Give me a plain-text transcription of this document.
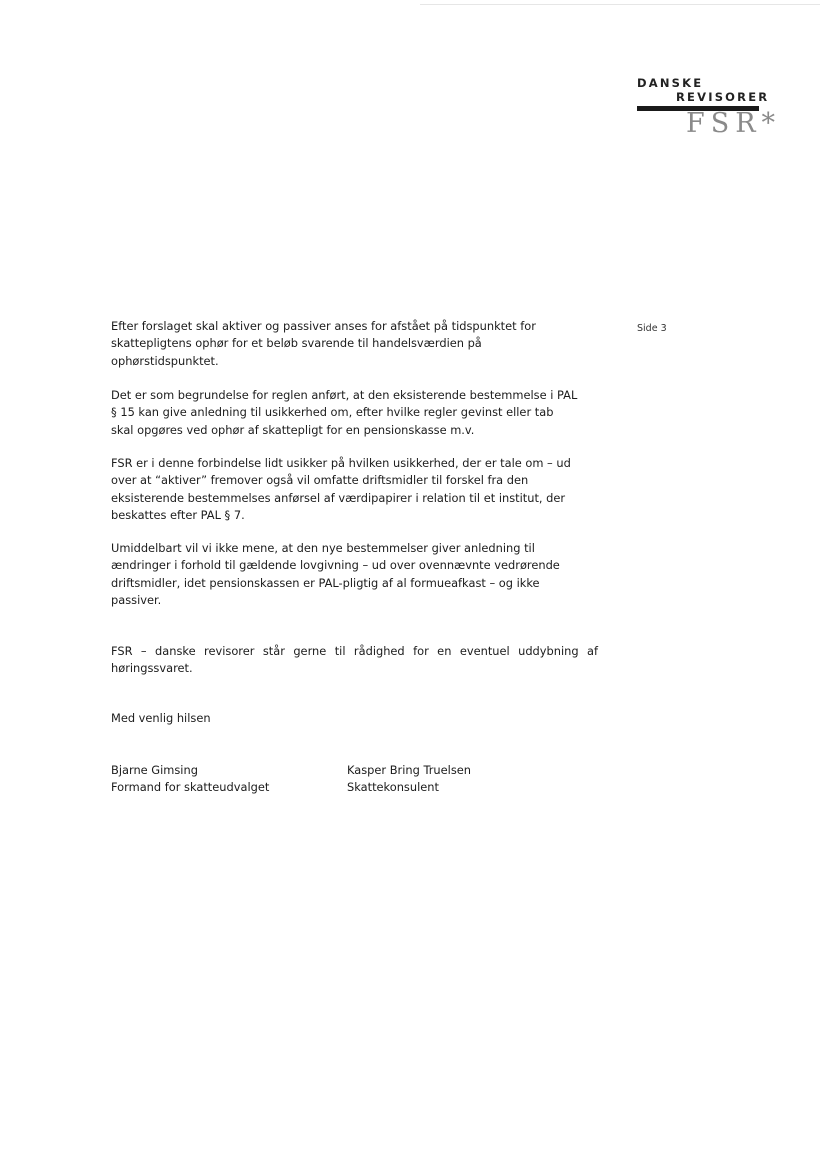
DANSKE
REVISORER
FSR*
Side 3
Efter forslaget skal aktiver og passiver anses for afstået på tidspunktet for
skattepligtens ophør for et beløb svarende til handelsværdien på
ophørstidspunktet.
Det er som begrundelse for reglen anført, at den eksisterende bestemmelse i PAL
§ 15 kan give anledning til usikkerhed om, efter hvilke regler gevinst eller tab
skal opgøres ved ophør af skattepligt for en pensionskasse m.v.
FSR er i denne forbindelse lidt usikker på hvilken usikkerhed, der er tale om – ud
over at “aktiver” fremover også vil omfatte driftsmidler til forskel fra den
eksisterende bestemmelses anførsel af værdipapirer i relation til et institut, der
beskattes efter PAL § 7.
Umiddelbart vil vi ikke mene, at den nye bestemmelser giver anledning til
ændringer i forhold til gældende lovgivning – ud over ovennævnte vedrørende
driftsmidler, idet pensionskassen er PAL-pligtig af al formueafkast – og ikke
passiver.
FSR – danske revisorer står gerne til rådighed for en eventuel uddybning af
høringssvaret.
Med venlig hilsen
Bjarne Gimsing
Formand for skatteudvalget
Kasper Bring Truelsen
Skattekonsulent
